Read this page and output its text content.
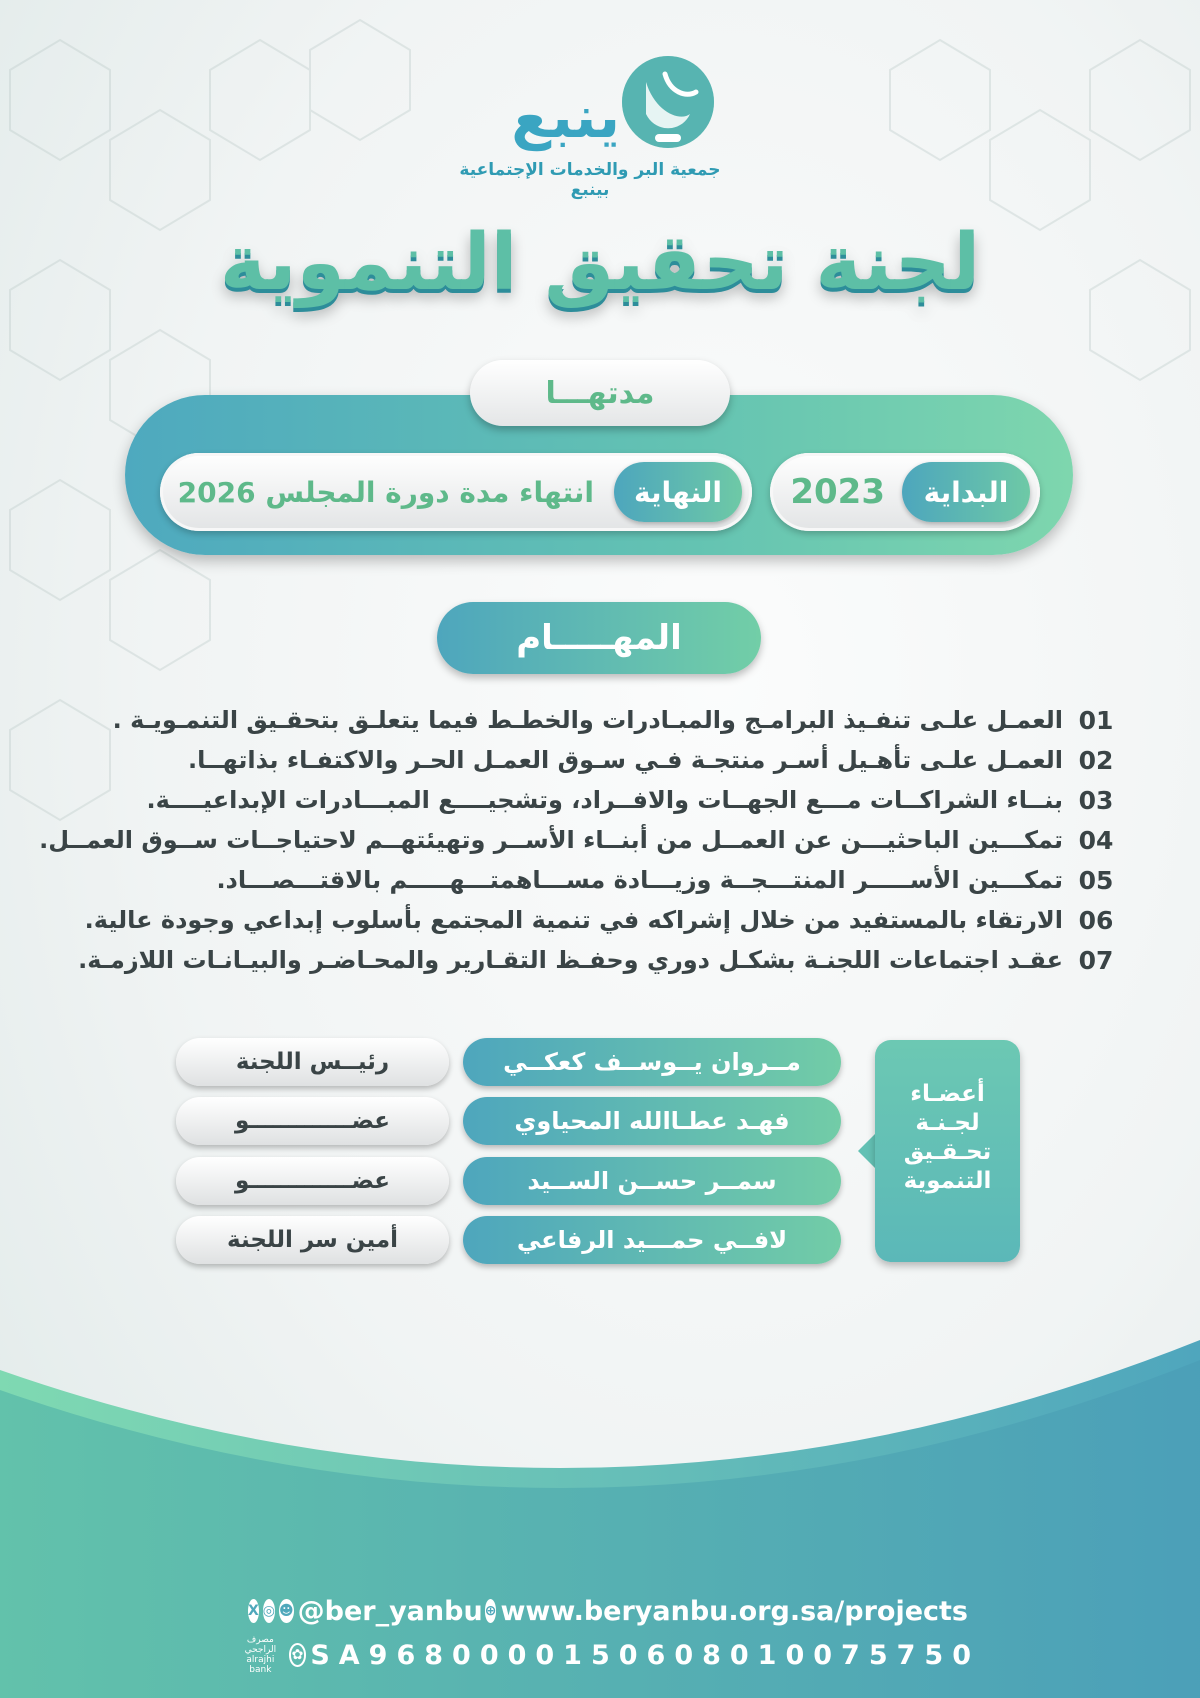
ينبع
جمعية البر والخدمات الإجتماعية بينبع
لجنة تحقيق التنموية
مدتهـــا
البداية
2023
النهاية
انتهاء مدة دورة المجلس 2026
المهـــــام
01
العمـل علـى تنفـيذ البرامـج والمبـادرات والخطـط فيما يتعلـق بتحقـيق التنمـويـة .
02
العمـل علـى تأهـيل أسـر منتجـة فـي سـوق العمـل الحـر والاكتفـاء بذاتهــا.
03
بنــاء الشراكــات مـــع الجهــات والافــراد، وتشجيــــع المبـــادرات الإبداعيــــة.
04
تمكـــين الباحثيـــن عن العمــل من أبنــاء الأســر وتهيئتهــم لاحتياجــات ســوق العمــل.
05
تمكـــين الأســـــر المنتـــجــة وزيـــادة مســـاهمتـــهـــــم بالاقتـــصـــاد.
06
الارتقاء بالمستفيد من خلال إشراكه في تنمية المجتمع بأسلوب إبداعي وجودة عالية.
07
عقـد اجتماعات اللجنـة بشكـل دوري وحفـظ التقـارير والمحـاضـر والبيـانـات اللازمـة.
أعضـاء لجـنـة تحـقـيق التنموية
مــروان يــوســف كعكــي
رئيــس اللجنة
فهـد عطـاالله المحياوي
عضـــــــــــــو
سمــر حســن الســيد
عضـــــــــــــو
لافــي حمـــيد الرفاعي
أمين سر اللجنة
X ◎ ☻ @ber_yanbu ⊕ www.beryanbu.org.sa/projects
مصرف الراجحي
alrajhi bank
✿ SA9680000150608010075750
